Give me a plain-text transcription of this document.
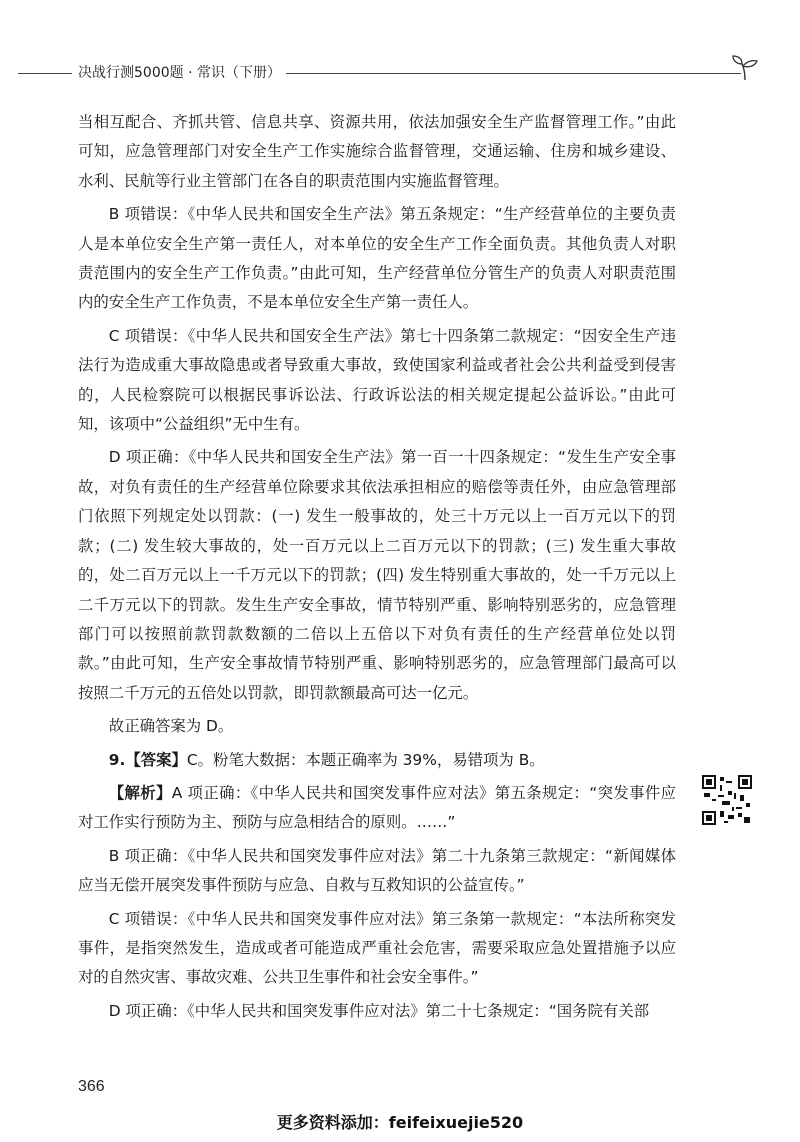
决战行测5000题 · 常识（下册）

当相互配合、齐抓共管、信息共享、资源共用，依法加强安全生产监督管理工作。”由此可知，应急管理部门对安全生产工作实施综合监督管理，交通运输、住房和城乡建设、水利、民航等行业主管部门在各自的职责范围内实施监督管理。

B 项错误：《中华人民共和国安全生产法》第五条规定：“生产经营单位的主要负责人是本单位安全生产第一责任人，对本单位的安全生产工作全面负责。其他负责人对职责范围内的安全生产工作负责。”由此可知，生产经营单位分管生产的负责人对职责范围内的安全生产工作负责，不是本单位安全生产第一责任人。

C 项错误：《中华人民共和国安全生产法》第七十四条第二款规定：“因安全生产违法行为造成重大事故隐患或者导致重大事故，致使国家利益或者社会公共利益受到侵害的，人民检察院可以根据民事诉讼法、行政诉讼法的相关规定提起公益诉讼。”由此可知，该项中“公益组织”无中生有。

D 项正确：《中华人民共和国安全生产法》第一百一十四条规定：“发生生产安全事故，对负有责任的生产经营单位除要求其依法承担相应的赔偿等责任外，由应急管理部门依照下列规定处以罚款：(一) 发生一般事故的，处三十万元以上一百万元以下的罚款；(二) 发生较大事故的，处一百万元以上二百万元以下的罚款；(三) 发生重大事故的，处二百万元以上一千万元以下的罚款；(四) 发生特别重大事故的，处一千万元以上二千万元以下的罚款。发生生产安全事故，情节特别严重、影响特别恶劣的，应急管理部门可以按照前款罚款数额的二倍以上五倍以下对负有责任的生产经营单位处以罚款。”由此可知，生产安全事故情节特别严重、影响特别恶劣的，应急管理部门最高可以按照二千万元的五倍处以罚款，即罚款额最高可达一亿元。

故正确答案为 D。

9.【答案】C。粉笔大数据：本题正确率为 39%，易错项为 B。

【解析】A 项正确：《中华人民共和国突发事件应对法》第五条规定：“突发事件应对工作实行预防为主、预防与应急相结合的原则。……”

B 项正确：《中华人民共和国突发事件应对法》第二十九条第三款规定：“新闻媒体应当无偿开展突发事件预防与应急、自救与互救知识的公益宣传。”

C 项错误：《中华人民共和国突发事件应对法》第三条第一款规定：“本法所称突发事件，是指突然发生，造成或者可能造成严重社会危害，需要采取应急处置措施予以应对的自然灾害、事故灾难、公共卫生事件和社会安全事件。”

D 项正确：《中华人民共和国突发事件应对法》第二十七条规定：“国务院有关部

366
更多资料添加：feifeixuejie520
